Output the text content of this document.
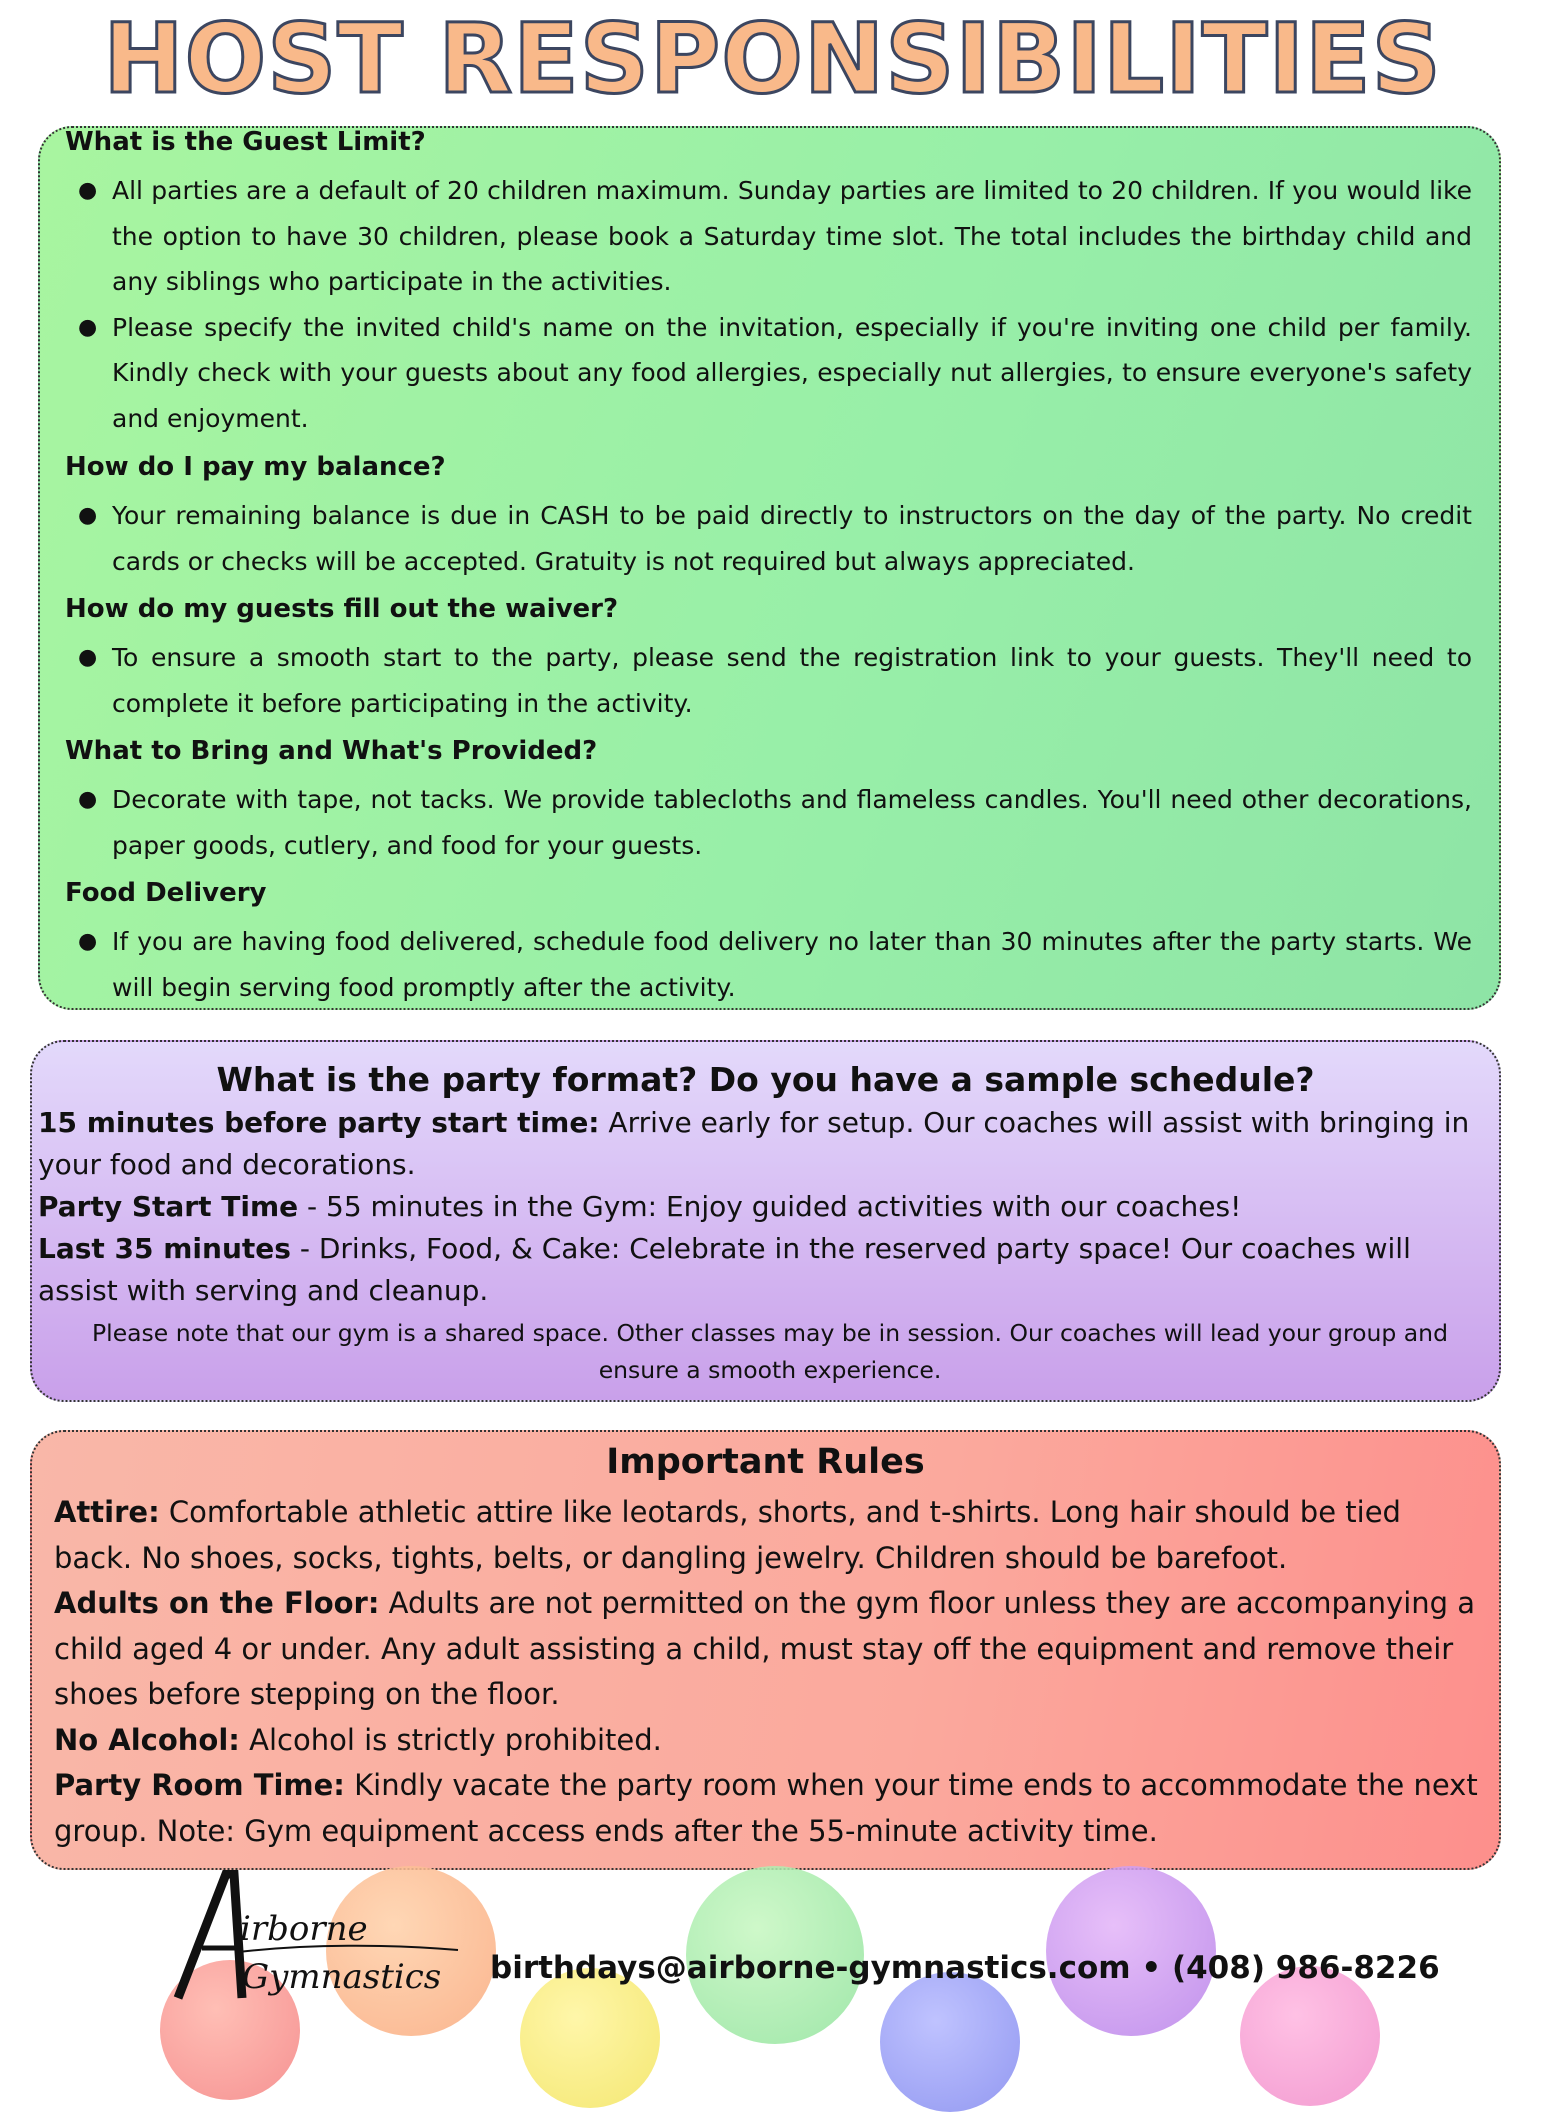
HOST RESPONSIBILITIES
What is the Guest Limit?
● All parties are a default of 20 children maximum. Sunday parties are limited to 20 children. If you would like the option to have 30 children, please book a Saturday time slot. The total includes the birthday child and any siblings who participate in the activities.
● Please specify the invited child's name on the invitation, especially if you're inviting one child per family. Kindly check with your guests about any food allergies, especially nut allergies, to ensure everyone's safety and enjoyment.
How do I pay my balance?
● Your remaining balance is due in CASH to be paid directly to instructors on the day of the party. No credit cards or checks will be accepted. Gratuity is not required but always appreciated.
How do my guests fill out the waiver?
● To ensure a smooth start to the party, please send the registration link to your guests. They'll need to complete it before participating in the activity.
What to Bring and What's Provided?
● Decorate with tape, not tacks. We provide tablecloths and flameless candles. You'll need other decorations, paper goods, cutlery, and food for your guests.
Food Delivery
● If you are having food delivered, schedule food delivery no later than 30 minutes after the party starts. We will begin serving food promptly after the activity.
What is the party format? Do you have a sample schedule?

15 minutes before party start time: Arrive early for setup. Our coaches will assist with bringing in your food and decorations.

Party Start Time - 55 minutes in the Gym: Enjoy guided activities with our coaches!

Last 35 minutes - Drinks, Food, & Cake: Celebrate in the reserved party space! Our coaches will assist with serving and cleanup.

Please note that our gym is a shared space. Other classes may be in session. Our coaches will lead your group and ensure a smooth experience.
Important Rules

Attire: Comfortable athletic attire like leotards, shorts, and t-shirts. Long hair should be tied back. No shoes, socks, tights, belts, or dangling jewelry. Children should be barefoot.

Adults on the Floor: Adults are not permitted on the gym floor unless they are accompanying a child aged 4 or under. Any adult assisting a child, must stay off the equipment and remove their shoes before stepping on the floor.

No Alcohol: Alcohol is strictly prohibited.

Party Room Time: Kindly vacate the party room when your time ends to accommodate the next group. Note: Gym equipment access ends after the 55-minute activity time.

irborne
Gymnastics birthdays@airborne-gymnastics.com • (408) 986-8226
